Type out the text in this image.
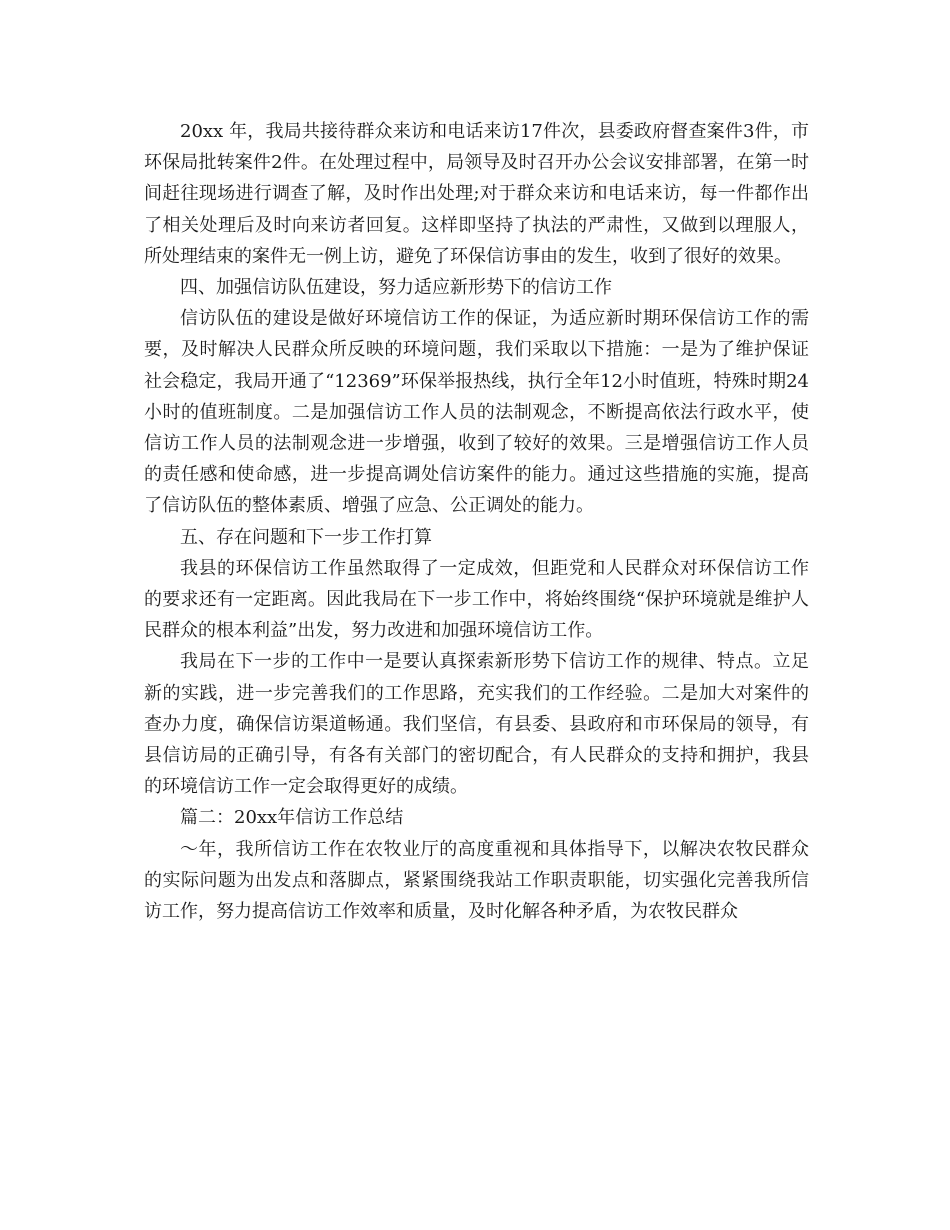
20xx 年，我局共接待群众来访和电话来访17件次，县委政府督查案件3件，市环保局批转案件2件。在处理过程中，局领导及时召开办公会议安排部署，在第一时间赶往现场进行调查了解，及时作出处理;对于群众来访和电话来访，每一件都作出了相关处理后及时向来访者回复。这样即坚持了执法的严肃性，又做到以理服人，所处理结束的案件无一例上访，避免了环保信访事由的发生，收到了很好的效果。

四、加强信访队伍建设，努力适应新形势下的信访工作

信访队伍的建设是做好环境信访工作的保证，为适应新时期环保信访工作的需要，及时解决人民群众所反映的环境问题，我们采取以下措施：一是为了维护保证社会稳定，我局开通了“12369”环保举报热线，执行全年12小时值班，特殊时期24小时的值班制度。二是加强信访工作人员的法制观念，不断提高依法行政水平，使信访工作人员的法制观念进一步增强，收到了较好的效果。三是增强信访工作人员的责任感和使命感，进一步提高调处信访案件的能力。通过这些措施的实施，提高了信访队伍的整体素质、增强了应急、公正调处的能力。

五、存在问题和下一步工作打算

我县的环保信访工作虽然取得了一定成效，但距党和人民群众对环保信访工作的要求还有一定距离。因此我局在下一步工作中，将始终围绕“保护环境就是维护人民群众的根本利益”出发，努力改进和加强环境信访工作。

我局在下一步的工作中一是要认真探索新形势下信访工作的规律、特点。立足新的实践，进一步完善我们的工作思路，充实我们的工作经验。二是加大对案件的查办力度，确保信访渠道畅通。我们坚信，有县委、县政府和市环保局的领导，有县信访局的正确引导，有各有关部门的密切配合，有人民群众的支持和拥护，我县的环境信访工作一定会取得更好的成绩。

篇二：20xx年信访工作总结

～年，我所信访工作在农牧业厅的高度重视和具体指导下，以解决农牧民群众的实际问题为出发点和落脚点，紧紧围绕我站工作职责职能，切实强化完善我所信访工作，努力提高信访工作效率和质量，及时化解各种矛盾，为农牧民群众
